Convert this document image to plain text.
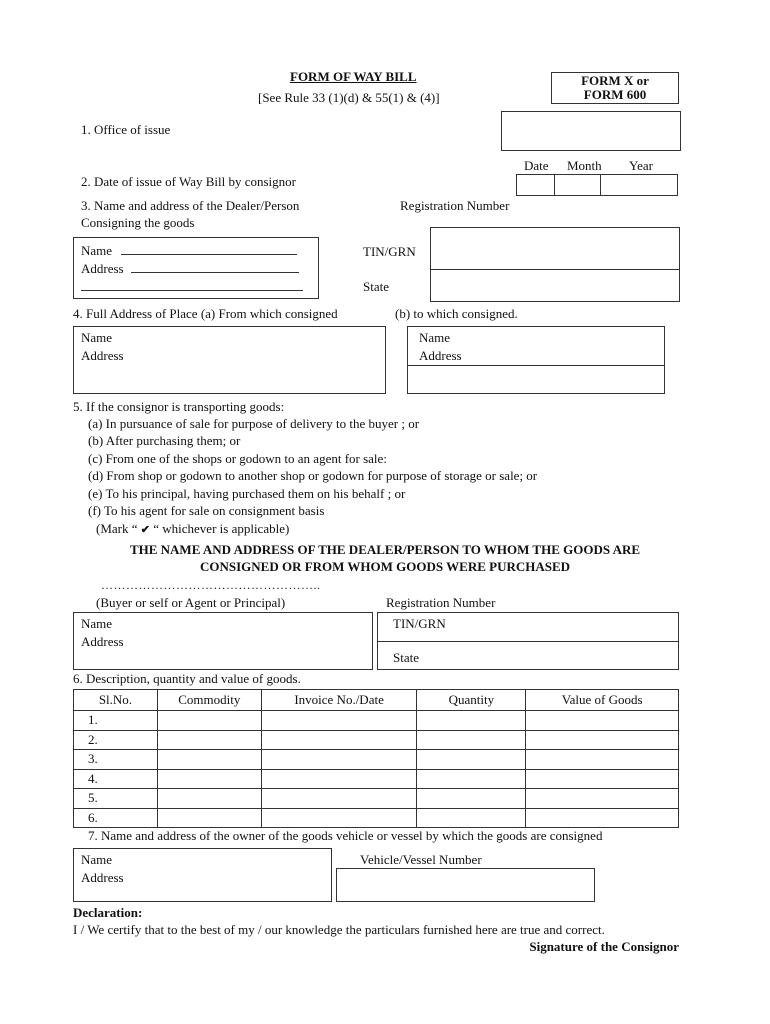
FORM OF WAY BILL
[See Rule 33 (1)(d) & 55(1) & (4)]
FORM X or
FORM 600
1. Office of issue
Date Month Year
2. Date of issue of Way Bill by consignor
3. Name and address of the Dealer/Person
Consigning the goods
Registration Number
Name
Address
TIN/GRN
State
4. Full Address of Place (a) From which consigned	(b) to which consigned.
Name
Address
Name
Address
5. If the consignor is transporting goods:
(a) In pursuance of sale for purpose of delivery to the buyer ; or
(b) After purchasing them; or
(c) From one of the shops or godown to an agent for sale:
(d) From shop or godown to another shop or godown for purpose of storage or sale; or
(e) To his principal, having purchased them on his behalf ; or
(f) To his agent for sale on consignment basis
(Mark “ ✔ “ whichever is applicable)
THE NAME AND ADDRESS OF THE DEALER/PERSON TO WHOM THE GOODS ARE
CONSIGNED OR FROM WHOM GOODS WERE PURCHASED
……………………………………………..
(Buyer or self or Agent or Principal)	Registration Number
Name
Address
TIN/GRN
State
6. Description, quantity and value of goods.
Sl.No.	Commodity	Invoice No./Date	Quantity	Value of Goods
1.				
2.				
3.				
4.				
5.				
6.				
7. Name and address of the owner of the goods vehicle or vessel by which the goods are consigned
Name
Address
Vehicle/Vessel Number
Declaration:
I / We certify that to the best of my / our knowledge the particulars furnished here are true and correct.
Signature of the Consignor
